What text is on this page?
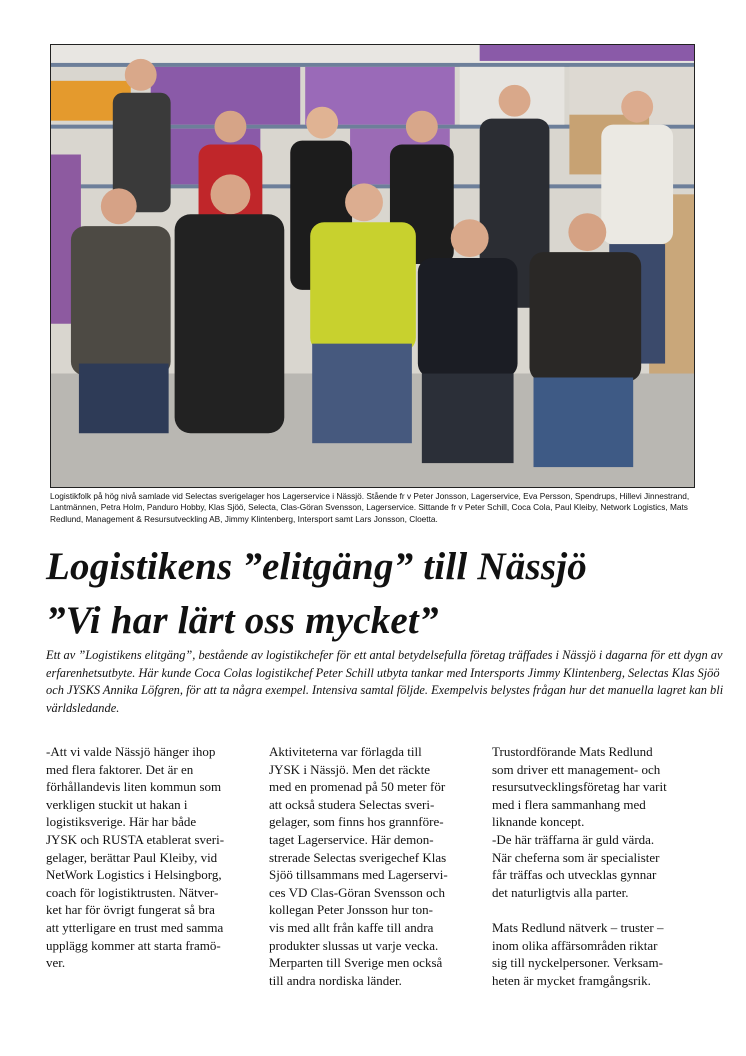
Logistikfolk på hög nivå samlade vid Selectas sverigelager hos Lagerservice i Nässjö. Stående fr v Peter Jonsson, Lagerservice, Eva Persson, Spendrups, Hillevi Jinnestrand, Lantmännen, Petra Holm, Panduro Hobby, Klas Sjöö, Selecta, Clas-Göran Svensson, Lagerservice. Sittande fr v Peter Schill, Coca Cola, Paul Kleiby, Network Logistics, Mats Redlund, Management & Resursutveckling AB, Jimmy Klintenberg, Intersport samt Lars Jonsson, Cloetta.
Logistikens ”elitgäng” till Nässjö
”Vi har lärt oss mycket”

Ett av ”Logistikens elitgäng”, bestående av logistikchefer för ett antal betydelsefulla företag träffades i Nässjö i dagarna för ett dygn av erfarenhetsutbyte. Här kunde Coca Colas logistikchef Peter Schill utbyta tankar med Intersports Jimmy Klintenberg, Selectas Klas Sjöö och JYSKS Annika Löfgren, för att ta några exempel. Intensiva samtal följde. Exempelvis belystes frågan hur det manuella lagret kan bli världsledande.

-Att vi valde Nässjö hänger ihop
med flera faktorer. Det är en
förhållandevis liten kommun som
verkligen stuckit ut hakan i
logistiksverige. Här har både
JYSK och RUSTA etablerat sveri-
gelager, berättar Paul Kleiby, vid
NetWork Logistics i Helsingborg,
coach för logistiktrusten. Nätver-
ket har för övrigt fungerat så bra
att ytterligare en trust med samma
upplägg kommer att starta framö-
ver.

Aktiviteterna var förlagda till
JYSK i Nässjö. Men det räckte
med en promenad på 50 meter för
att också studera Selectas sveri-
gelager, som finns hos grannföre-
taget Lagerservice. Här demon-
strerade Selectas sverigechef Klas
Sjöö tillsammans med Lagerservi-
ces VD Clas-Göran Svensson och
kollegan Peter Jonsson hur ton-
vis med allt från kaffe till andra
produkter slussas ut varje vecka.
Merparten till Sverige men också
till andra nordiska länder.

Trustordförande Mats Redlund
som driver ett management- och
resursutvecklingsföretag har varit
med i flera sammanhang med
liknande koncept.
-De här träffarna är guld värda.
När cheferna som är specialister
får träffas och utvecklas gynnar
det naturligtvis alla parter.

Mats Redlund nätverk – truster –
inom olika affärsområden riktar
sig till nyckelpersoner. Verksam-
heten är mycket framgångsrik.
